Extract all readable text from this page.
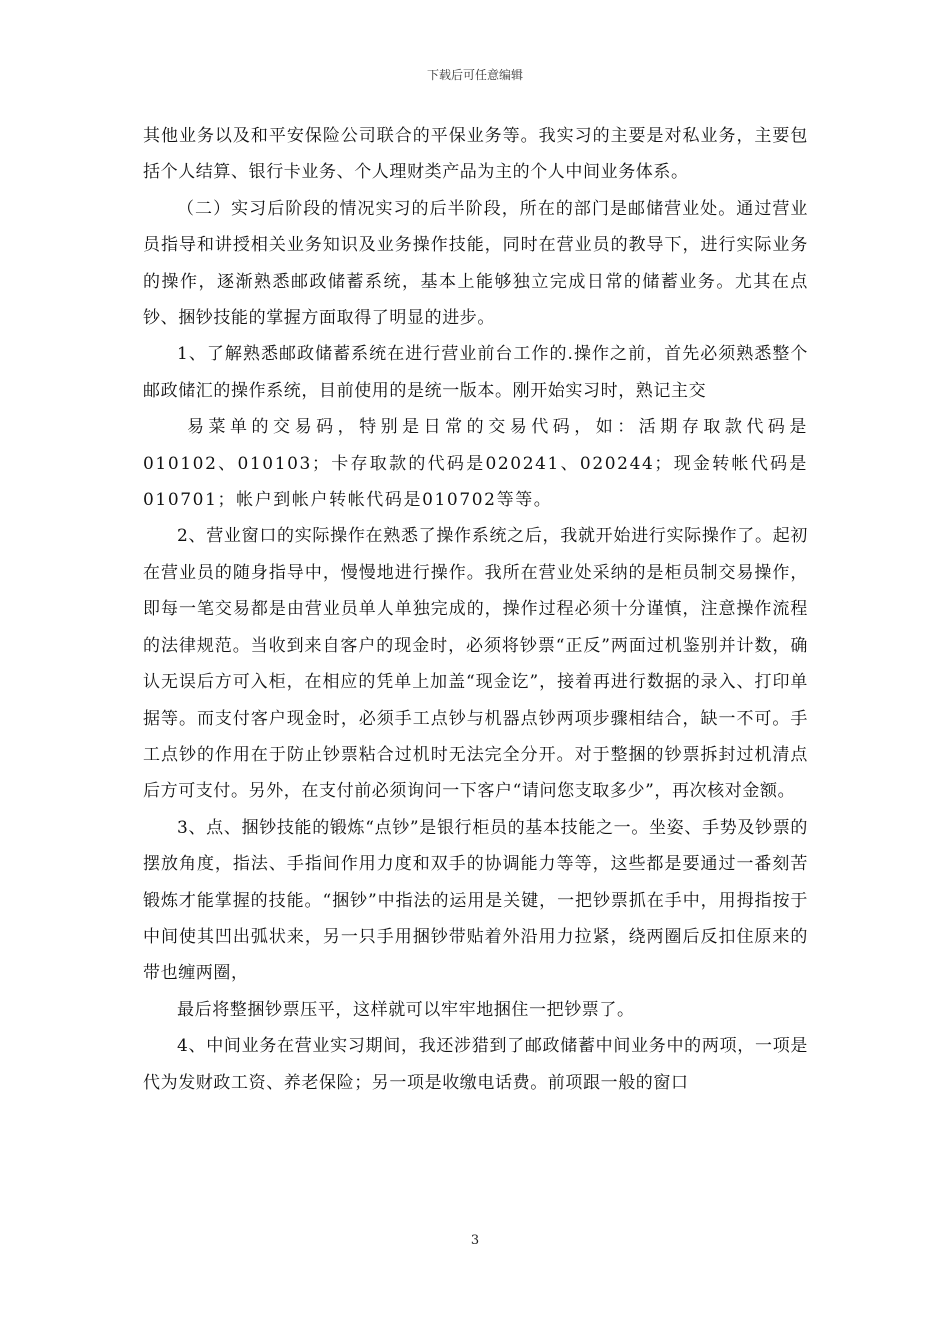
下载后可任意编辑

其他业务以及和平安保险公司联合的平保业务等。我实习的主要是对私业务，主要包括个人结算、银行卡业务、个人理财类产品为主的个人中间业务体系。

（二）实习后阶段的情况实习的后半阶段，所在的部门是邮储营业处。通过营业员指导和讲授相关业务知识及业务操作技能，同时在营业员的教导下，进行实际业务的操作，逐渐熟悉邮政储蓄系统，基本上能够独立完成日常的储蓄业务。尤其在点钞、捆钞技能的掌握方面取得了明显的进步。

1、了解熟悉邮政储蓄系统在进行营业前台工作的.操作之前，首先必须熟悉整个邮政储汇的操作系统，目前使用的是统一版本。刚开始实习时，熟记主交

易菜单的交易码，特别是日常的交易代码，如：活期存取款代码是010102、010103；卡存取款的代码是020241、020244；现金转帐代码是010701；帐户到帐户转帐代码是010702等等。

2、营业窗口的实际操作在熟悉了操作系统之后，我就开始进行实际操作了。起初在营业员的随身指导中，慢慢地进行操作。我所在营业处采纳的是柜员制交易操作，即每一笔交易都是由营业员单人单独完成的，操作过程必须十分谨慎，注意操作流程的法律规范。当收到来自客户的现金时，必须将钞票“正反”两面过机鉴别并计数，确认无误后方可入柜，在相应的凭单上加盖“现金讫”，接着再进行数据的录入、打印单据等。而支付客户现金时，必须手工点钞与机器点钞两项步骤相结合，缺一不可。手工点钞的作用在于防止钞票粘合过机时无法完全分开。对于整捆的钞票拆封过机清点后方可支付。另外，在支付前必须询问一下客户“请问您支取多少”，再次核对金额。

3、点、捆钞技能的锻炼“点钞”是银行柜员的基本技能之一。坐姿、手势及钞票的摆放角度，指法、手指间作用力度和双手的协调能力等等，这些都是要通过一番刻苦锻炼才能掌握的技能。“捆钞”中指法的运用是关键，一把钞票抓在手中，用拇指按于中间使其凹出弧状来，另一只手用捆钞带贴着外沿用力拉紧，绕两圈后反扣住原来的带也缠两圈，

最后将整捆钞票压平，这样就可以牢牢地捆住一把钞票了。

4、中间业务在营业实习期间，我还涉猎到了邮政储蓄中间业务中的两项，一项是代为发财政工资、养老保险；另一项是收缴电话费。前项跟一般的窗口

3
